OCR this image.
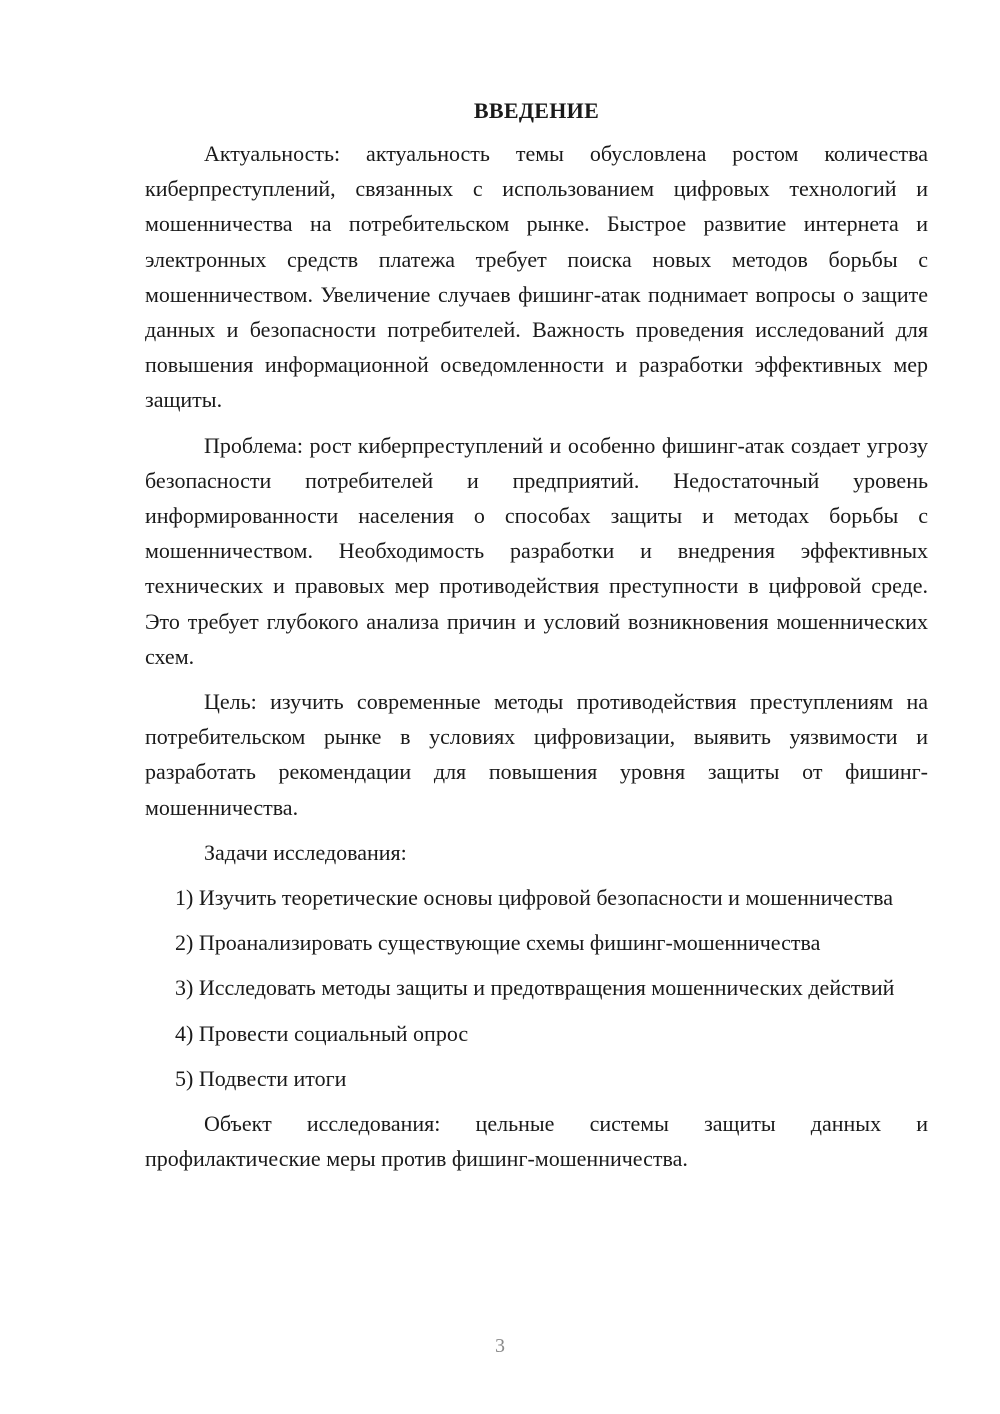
ВВЕДЕНИЕ

Актуальность: актуальность темы обусловлена ростом количества киберпреступлений, связанных с использованием цифровых технологий и мошенничества на потребительском рынке. Быстрое развитие интернета и электронных средств платежа требует поиска новых методов борьбы с мошенничеством. Увеличение случаев фишинг-атак поднимает вопросы о защите данных и безопасности потребителей. Важность проведения исследований для повышения информационной осведомленности и разработки эффективных мер защиты.

Проблема: рост киберпреступлений и особенно фишинг-атак создает угрозу безопасности потребителей и предприятий. Недостаточный уровень информированности населения о способах защиты и методах борьбы с мошенничеством. Необходимость разработки и внедрения эффективных технических и правовых мер противодействия преступности в цифровой среде. Это требует глубокого анализа причин и условий возникновения мошеннических схем.

Цель: изучить современные методы противодействия преступлениям на потребительском рынке в условиях цифровизации, выявить уязвимости и разработать рекомендации для повышения уровня защиты от фишинг-мошенничества.

Задачи исследования:

1) Изучить теоретические основы цифровой безопасности и мошенничества

2) Проанализировать существующие схемы фишинг-мошенничества

3) Исследовать методы защиты и предотвращения мошеннических действий

4) Провести социальный опрос

5) Подвести итоги

Объект исследования: цельные системы защиты данных и профилактические меры против фишинг-мошенничества.

3
